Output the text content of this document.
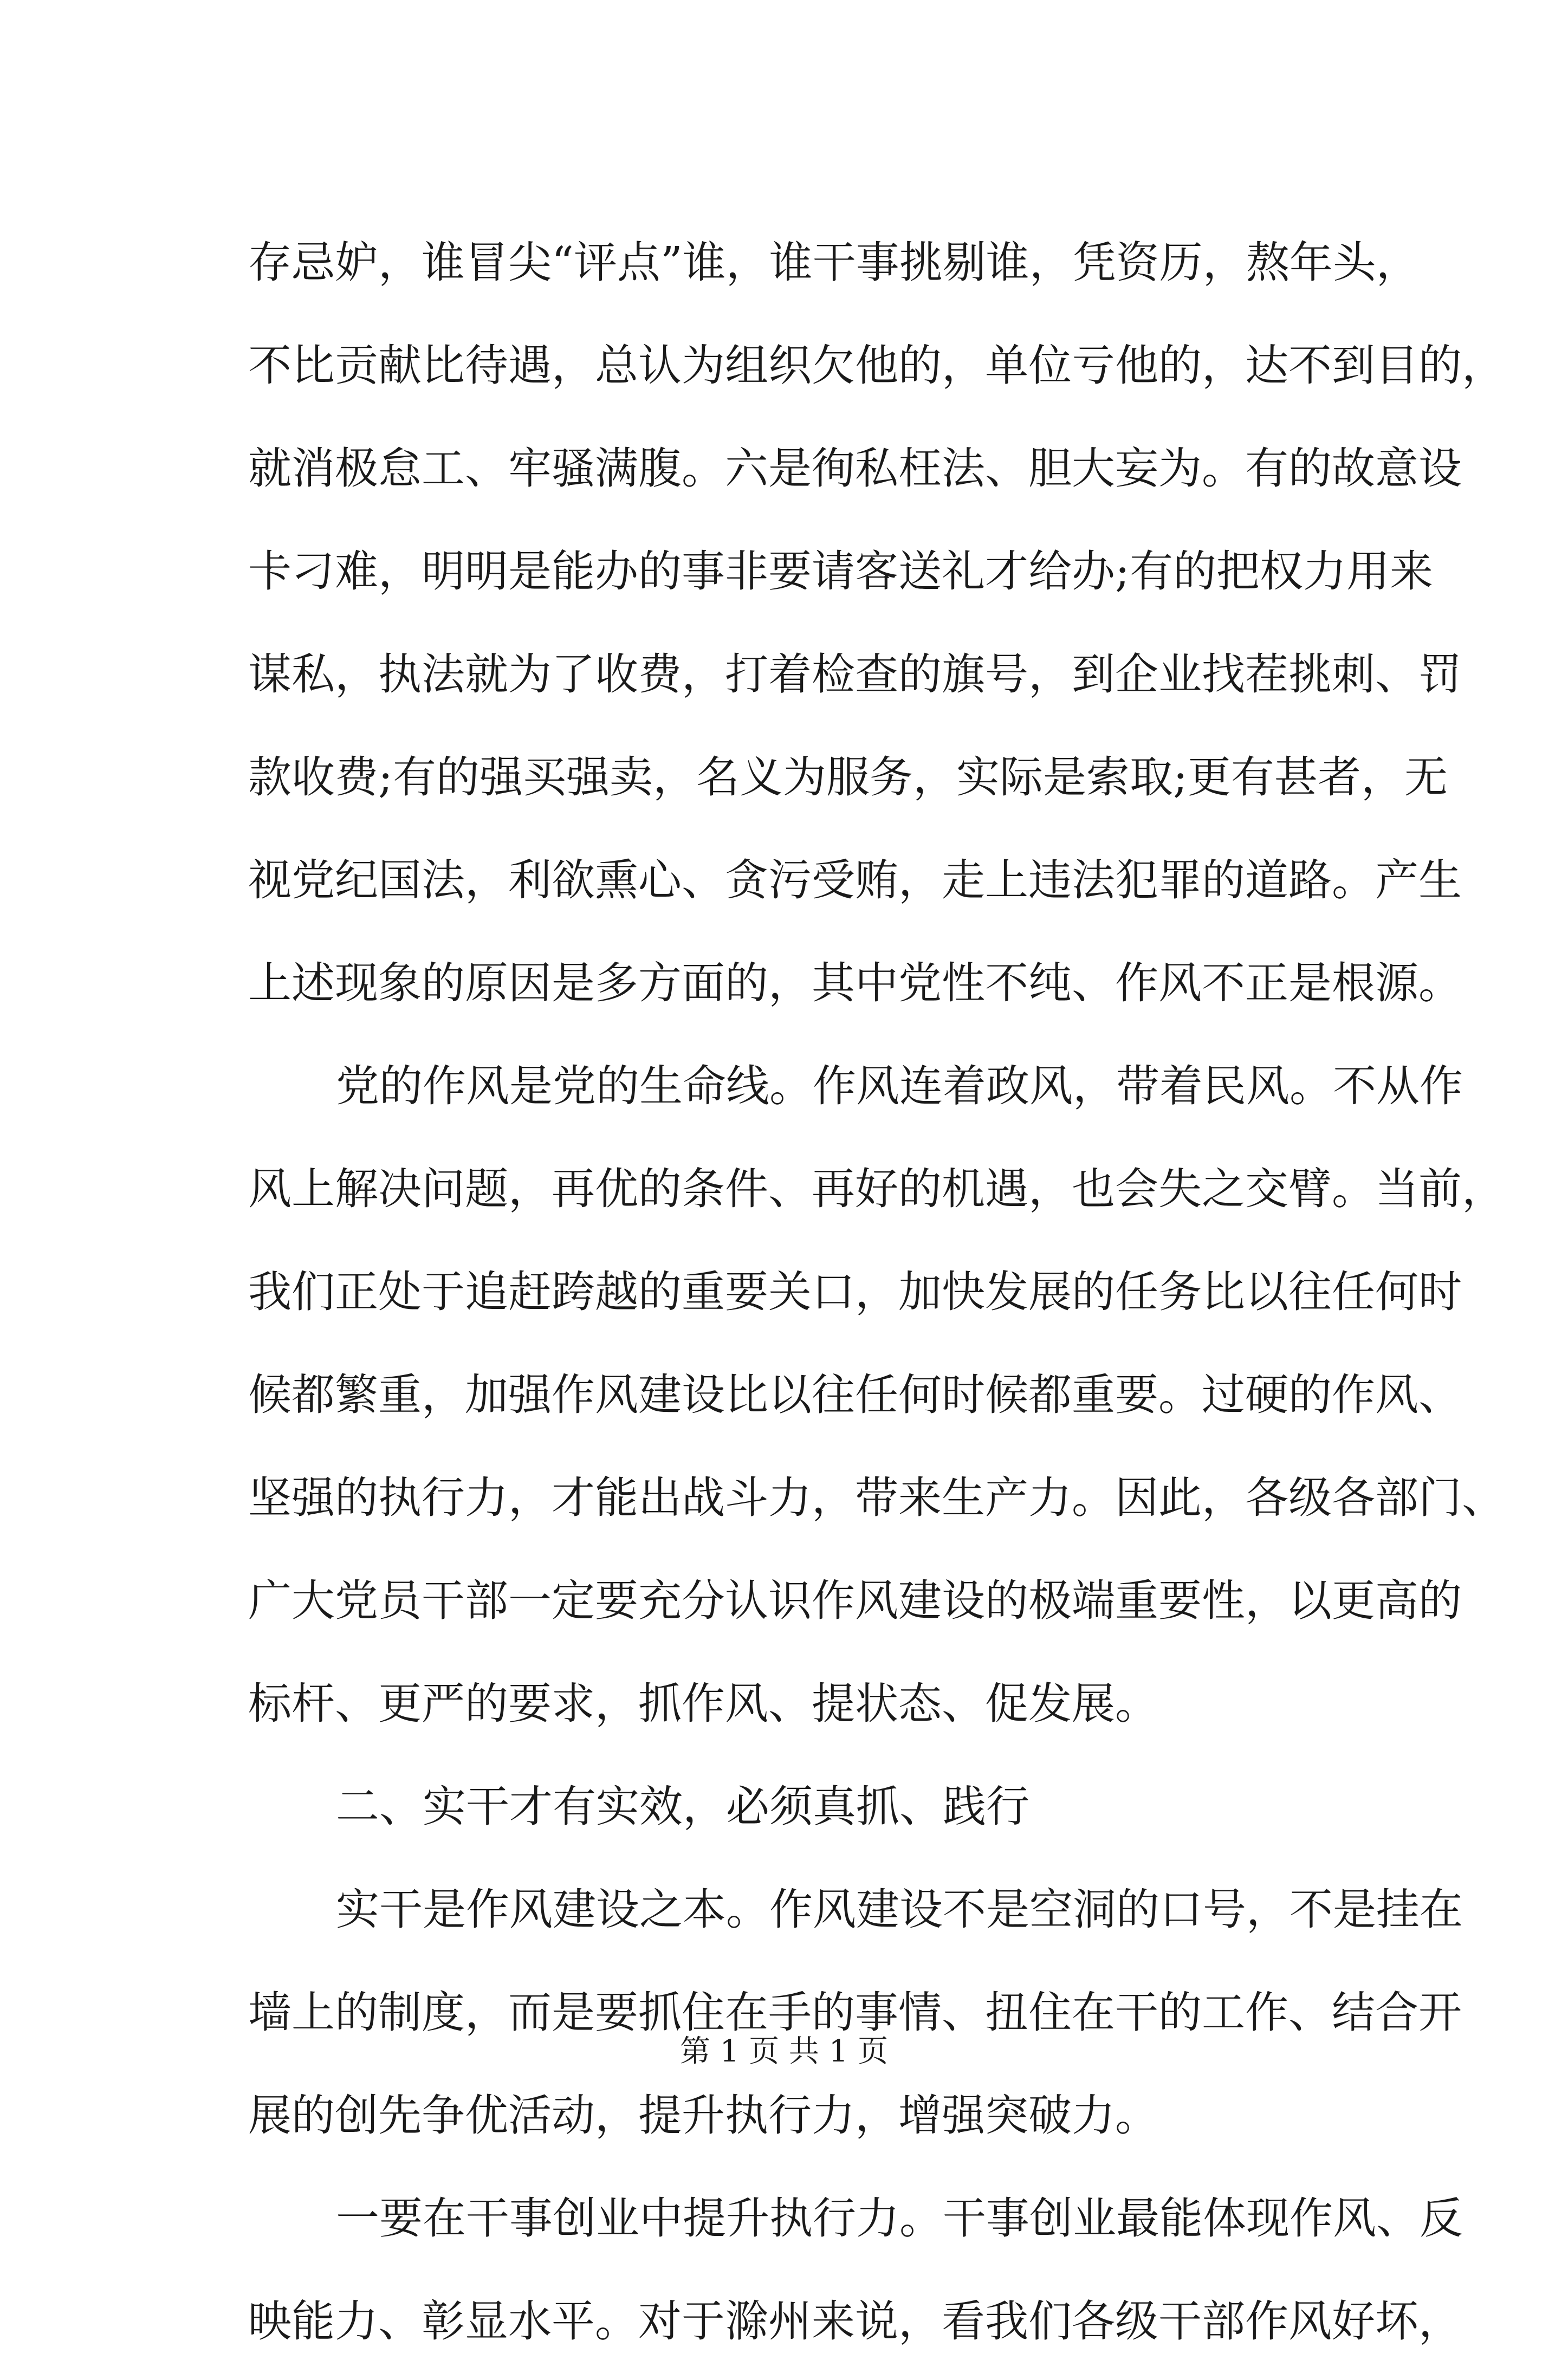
存忌妒，谁冒尖“评点”谁，谁干事挑剔谁，凭资历，熬年头，
不比贡献比待遇，总认为组织欠他的，单位亏他的，达不到目的，
就消极怠工、牢骚满腹。六是徇私枉法、胆大妄为。有的故意设
卡刁难，明明是能办的事非要请客送礼才给办;有的把权力用来
谋私，执法就为了收费，打着检查的旗号，到企业找茬挑刺、罚
款收费;有的强买强卖，名义为服务，实际是索取;更有甚者，无
视党纪国法，利欲熏心、贪污受贿，走上违法犯罪的道路。产生
上述现象的原因是多方面的，其中党性不纯、作风不正是根源。
党的作风是党的生命线。作风连着政风，带着民风。不从作
风上解决问题，再优的条件、再好的机遇，也会失之交臂。当前，
我们正处于追赶跨越的重要关口，加快发展的任务比以往任何时
候都繁重，加强作风建设比以往任何时候都重要。过硬的作风、
坚强的执行力，才能出战斗力，带来生产力。因此，各级各部门、
广大党员干部一定要充分认识作风建设的极端重要性，以更高的
标杆、更严的要求，抓作风、提状态、促发展。
二、实干才有实效，必须真抓、践行
实干是作风建设之本。作风建设不是空洞的口号，不是挂在
墙上的制度，而是要抓住在手的事情、扭住在干的工作、结合开
展的创先争优活动，提升执行力，增强突破力。
一要在干事创业中提升执行力。干事创业最能体现作风、反
映能力、彰显水平。对于滁州来说，看我们各级干部作风好坏，
第 1 页 共 1 页
